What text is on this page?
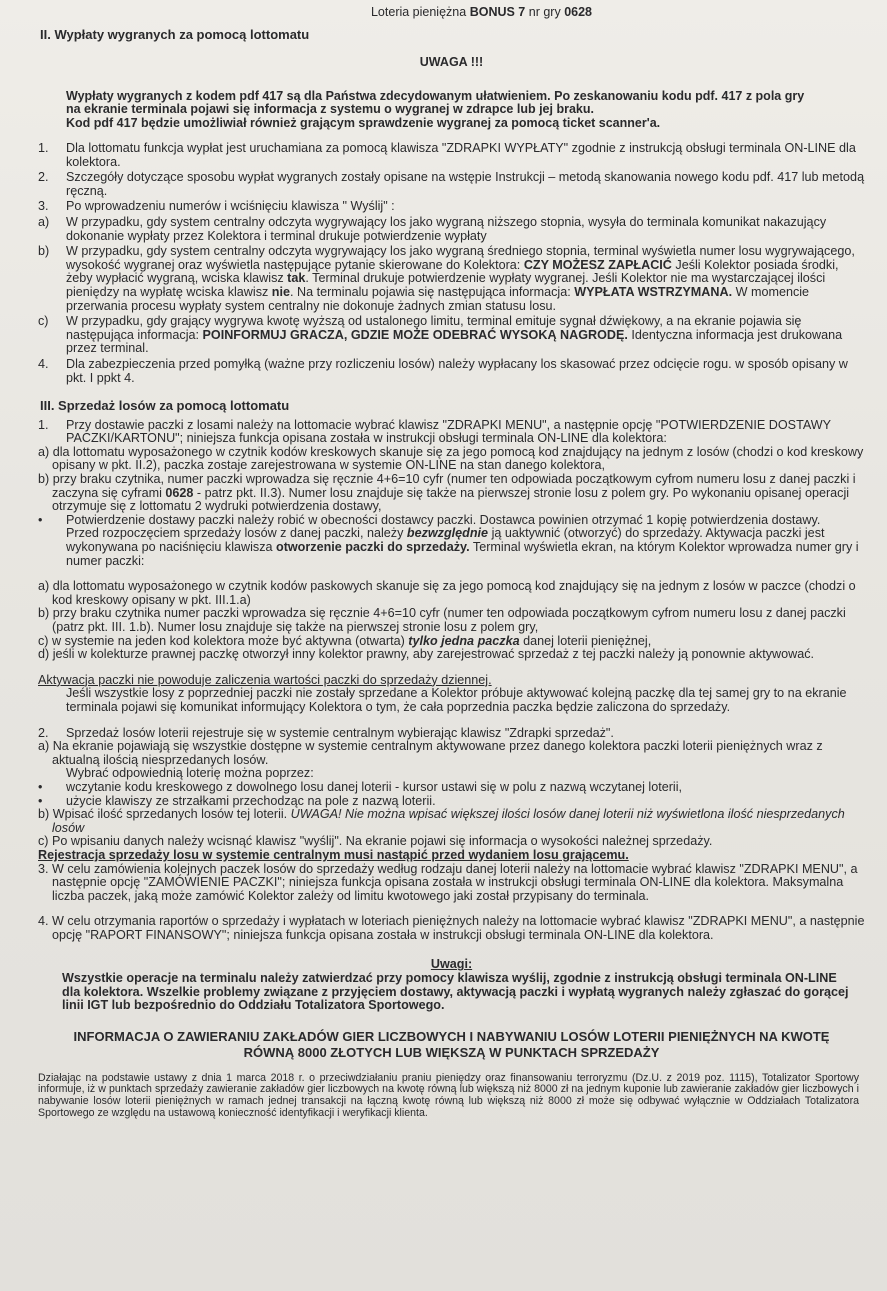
Loteria pieniężna BONUS 7 nr gry 0628
II. Wypłaty wygranych za pomocą lottomatu
UWAGA !!!
Wypłaty wygranych z kodem pdf 417 są dla Państwa zdecydowanym ułatwieniem. Po zeskanowaniu kodu pdf. 417 z pola gry
na ekranie terminala pojawi się informacja z systemu o wygranej w zdrapce lub jej braku.
Kod pdf 417 będzie umożliwiał również grającym sprawdzenie wygranej za pomocą ticket scanner'a.
1.	Dla lottomatu funkcja wypłat jest uruchamiana za pomocą klawisza "ZDRAPKI WYPŁATY" zgodnie z instrukcją obsługi terminala ON-LINE dla kolektora.
2.	Szczegóły dotyczące sposobu wypłat wygranych zostały opisane na wstępie Instrukcji – metodą skanowania nowego kodu pdf. 417 lub metodą ręczną.
3.	Po wprowadzeniu numerów i wciśnięciu klawisza " Wyślij" :
a)	W przypadku, gdy system centralny odczyta wygrywający los jako wygraną niższego stopnia, wysyła do terminala komunikat nakazujący dokonanie wypłaty przez Kolektora i terminal drukuje potwierdzenie wypłaty
b)	W przypadku, gdy system centralny odczyta wygrywający los jako wygraną średniego stopnia, terminal wyświetla numer losu wygrywającego, wysokość wygranej oraz wyświetla następujące pytanie skierowane do Kolektora: CZY MOŻESZ ZAPŁACIĆ Jeśli Kolektor posiada środki, żeby wypłacić wygraną, wciska klawisz tak. Terminal drukuje potwierdzenie wypłaty wygranej. Jeśli Kolektor nie ma wystarczającej ilości pieniędzy na wypłatę wciska klawisz nie. Na terminalu pojawia się następująca informacja: WYPŁATA WSTRZYMANA. W momencie przerwania procesu wypłaty system centralny nie dokonuje żadnych zmian statusu losu.
c)	W przypadku, gdy grający wygrywa kwotę wyższą od ustalonego limitu, terminal emituje sygnał dźwiękowy, a na ekranie pojawia się następująca informacja: POINFORMUJ GRACZA, GDZIE MOŻE ODEBRAĆ WYSOKĄ NAGRODĘ. Identyczna informacja jest drukowana przez terminal.
4.	Dla zabezpieczenia przed pomyłką (ważne przy rozliczeniu losów) należy wypłacany los skasować przez odcięcie rogu. w sposób opisany w pkt. I ppkt 4.
III. Sprzedaż losów za pomocą lottomatu
1.	Przy dostawie paczki z losami należy na lottomacie wybrać klawisz "ZDRAPKI MENU", a następnie opcję "POTWIERDZENIE DOSTAWY PACZKI/KARTONU"; niniejsza funkcja opisana została w instrukcji obsługi terminala ON-LINE dla kolektora:
a) dla lottomatu wyposażonego w czytnik kodów kreskowych skanuje się za jego pomocą kod znajdujący na jednym z losów (chodzi o kod kreskowy opisany w pkt. II.2), paczka zostaje zarejestrowana w systemie ON-LINE na stan danego kolektora,
b) przy braku czytnika, numer paczki wprowadza się ręcznie 4+6=10 cyfr (numer ten odpowiada początkowym cyfrom numeru losu z danej paczki i zaczyna się cyframi 0628 - patrz pkt. II.3). Numer losu znajduje się także na pierwszej stronie losu z polem gry. Po wykonaniu opisanej operacji otrzymuje się z lottomatu 2 wydruki potwierdzenia dostawy,
•	Potwierdzenie dostawy paczki należy robić w obecności dostawcy paczki. Dostawca powinien otrzymać 1 kopię potwierdzenia dostawy.
Przed rozpoczęciem sprzedaży losów z danej paczki, należy bezwzględnie ją uaktywnić (otworzyć) do sprzedaży. Aktywacja paczki jest wykonywana po naciśnięciu klawisza otworzenie paczki do sprzedaży. Terminal wyświetla ekran, na którym Kolektor wprowadza numer gry i numer paczki:
a) dla lottomatu wyposażonego w czytnik kodów paskowych skanuje się za jego pomocą kod znajdujący się na jednym z losów w paczce (chodzi o kod kreskowy opisany w pkt. III.1.a)
b) przy braku czytnika numer paczki wprowadza się ręcznie 4+6=10 cyfr (numer ten odpowiada początkowym cyfrom numeru losu z danej paczki (patrz pkt. III. 1.b). Numer losu znajduje się także na pierwszej stronie losu z polem gry,
c) w systemie na jeden kod kolektora może być aktywna (otwarta) tylko jedna paczka danej loterii pieniężnej,
d) jeśli w kolekturze prawnej paczkę otworzył inny kolektor prawny, aby zarejestrować sprzedaż z tej paczki należy ją ponownie aktywować.
Aktywacja paczki nie powoduje zaliczenia wartości paczki do sprzedaży dziennej.
Jeśli wszystkie losy z poprzedniej paczki nie zostały sprzedane a Kolektor próbuje aktywować kolejną paczkę dla tej samej gry to na ekranie terminala pojawi się komunikat informujący Kolektora o tym, że cała poprzednia paczka będzie zaliczona do sprzedaży.
2.	Sprzedaż losów loterii rejestruje się w systemie centralnym wybierając klawisz "Zdrapki sprzedaż".
a) Na ekranie pojawiają się wszystkie dostępne w systemie centralnym aktywowane przez danego kolektora paczki loterii pieniężnych wraz z aktualną ilością niesprzedanych losów.
Wybrać odpowiednią loterię można poprzez:
•	wczytanie kodu kreskowego z dowolnego losu danej loterii - kursor ustawi się w polu z nazwą wczytanej loterii,
•	użycie klawiszy ze strzałkami przechodząc na pole z nazwą loterii.
b) Wpisać ilość sprzedanych losów tej loterii. UWAGA! Nie można wpisać większej ilości losów danej loterii niż wyświetlona ilość niesprzedanych losów
c) Po wpisaniu danych należy wcisnąć klawisz "wyślij". Na ekranie pojawi się informacja o wysokości należnej sprzedaży.
Rejestracja sprzedaży losu w systemie centralnym musi nastąpić przed wydaniem losu grającemu.
3. W celu zamówienia kolejnych paczek losów do sprzedaży według rodzaju danej loterii należy na lottomacie wybrać klawisz "ZDRAPKI MENU", a następnie opcję "ZAMÓWIENIE PACZKI"; niniejsza funkcja opisana została w instrukcji obsługi terminala ON-LINE dla kolektora. Maksymalna liczba paczek, jaką może zamówić Kolektor zależy od limitu kwotowego jaki został przypisany do terminala.
4. W celu otrzymania raportów o sprzedaży i wypłatach w loteriach pieniężnych należy na lottomacie wybrać klawisz "ZDRAPKI MENU", a następnie opcję "RAPORT FINANSOWY"; niniejsza funkcja opisana została w instrukcji obsługi terminala ON-LINE dla kolektora.
Uwagi:
Wszystkie operacje na terminalu należy zatwierdzać przy pomocy klawisza wyślij, zgodnie z instrukcją obsługi terminala ON-LINE dla kolektora. Wszelkie problemy związane z przyjęciem dostawy, aktywacją paczki i wypłatą wygranych należy zgłaszać do gorącej linii IGT lub bezpośrednio do Oddziału Totalizatora Sportowego.
INFORMACJA O ZAWIERANIU ZAKŁADÓW GIER LICZBOWYCH I NABYWANIU LOSÓW LOTERII PIENIĘŻNYCH NA KWOTĘ
RÓWNĄ 8000 ZŁOTYCH LUB WIĘKSZĄ W PUNKTACH SPRZEDAŻY
Działając na podstawie ustawy z dnia 1 marca 2018 r. o przeciwdziałaniu praniu pieniędzy oraz finansowaniu terroryzmu (Dz.U. z 2019 poz. 1115), Totalizator Sportowy informuje, iż w punktach sprzedaży zawieranie zakładów gier liczbowych na kwotę równą lub większą niż 8000 zł na jednym kuponie lub zawieranie zakładów gier liczbowych i nabywanie losów loterii pieniężnych w ramach jednej transakcji na łączną kwotę równą lub większą niż 8000 zł może się odbywać wyłącznie w Oddziałach Totalizatora Sportowego ze względu na ustawową konieczność identyfikacji i weryfikacji klienta.
